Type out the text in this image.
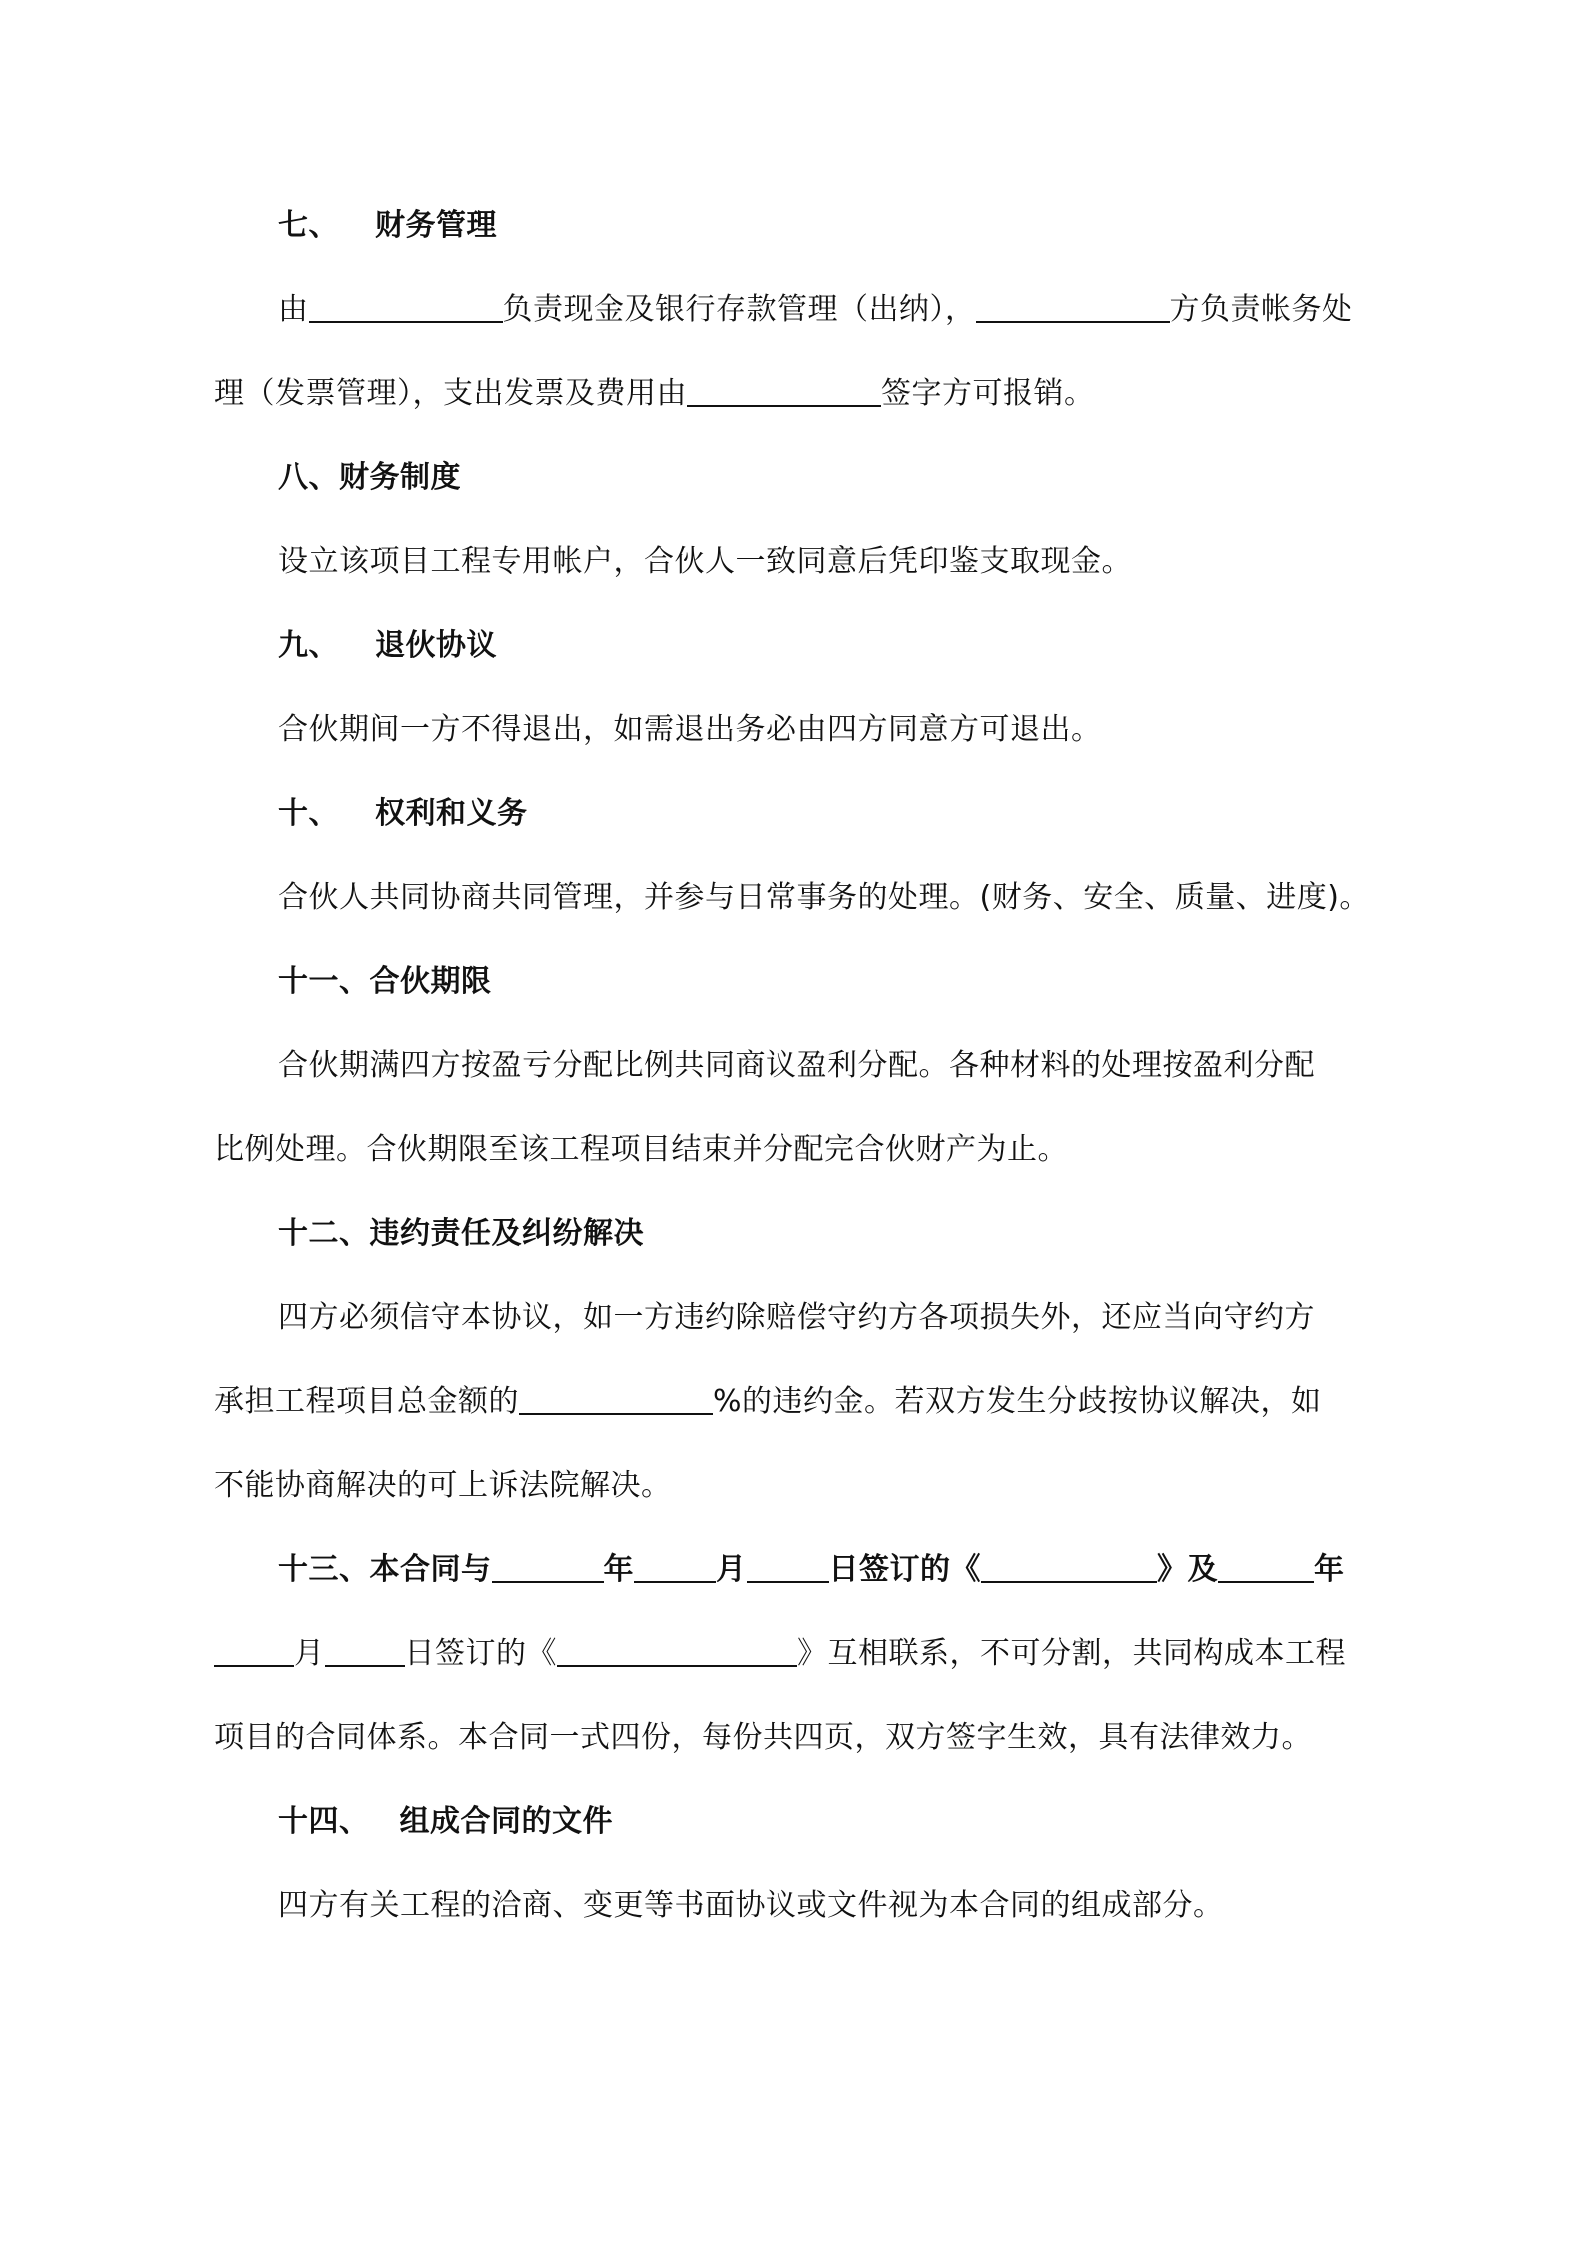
七、 财务管理
由	负责现金及银行存款管理（出纳），	方负责帐务处
理（发票管理），支出发票及费用由	签字方可报销。
八、财务制度
设立该项目工程专用帐户，合伙人一致同意后凭印鉴支取现金。
九、 退伙协议
合伙期间一方不得退出，如需退出务必由四方同意方可退出。
十、 权利和义务
合伙人共同协商共同管理，并参与日常事务的处理。(财务、安全、质量、进度)。
十一、合伙期限
合伙期满四方按盈亏分配比例共同商议盈利分配。各种材料的处理按盈利分配
比例处理。合伙期限至该工程项目结束并分配完合伙财产为止。
十二、违约责任及纠纷解决
四方必须信守本协议，如一方违约除赔偿守约方各项损失外，还应当向守约方
承担工程项目总金额的	%的违约金。若双方发生分歧按协议解决，如
不能协商解决的可上诉法院解决。
十三、本合同与	年	月	日签订的《	》及	年
月	日签订的《	》互相联系，不可分割，共同构成本工程
项目的合同体系。本合同一式四份，每份共四页，双方签字生效，具有法律效力。
十四、 组成合同的文件
四方有关工程的洽商、变更等书面协议或文件视为本合同的组成部分。
